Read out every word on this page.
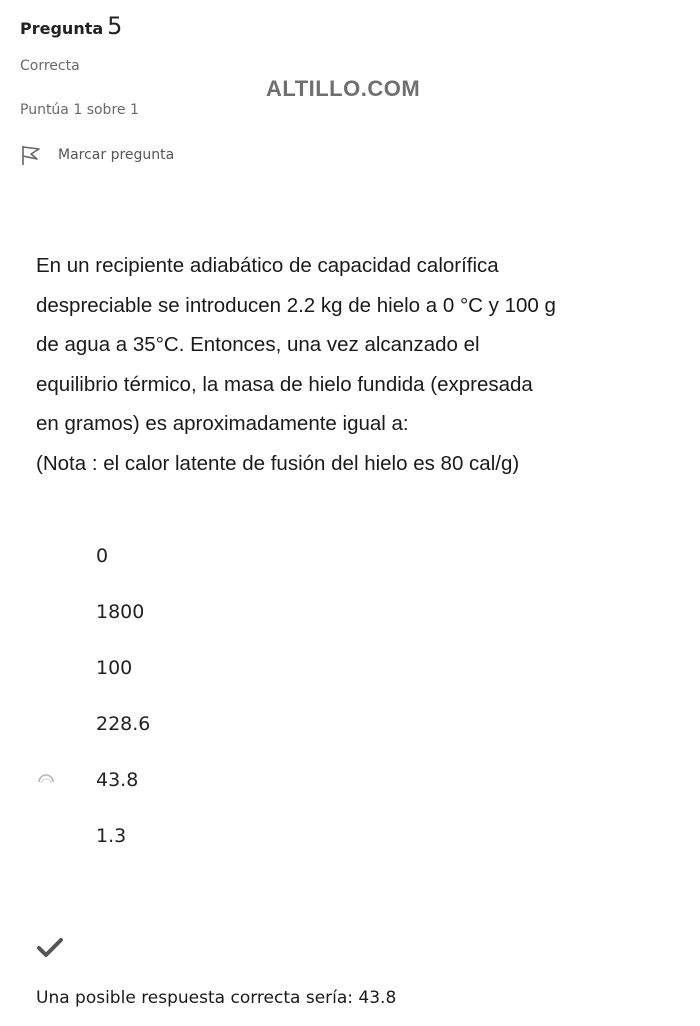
Pregunta 5
Correcta
Puntúa 1 sobre 1
Marcar pregunta
ALTILLO.COM

En un recipiente adiabático de capacidad calorífica

despreciable se introducen 2.2 kg de hielo a 0 °C y 100 g

de agua a 35°C. Entonces, una vez alcanzado el

equilibrio térmico, la masa de hielo fundida (expresada

en gramos) es aproximadamente igual a:

(Nota : el calor latente de fusión del hielo es 80 cal/g)

0
1800
100
228.6
43.8
1.3
Una posible respuesta correcta sería: 43.8
